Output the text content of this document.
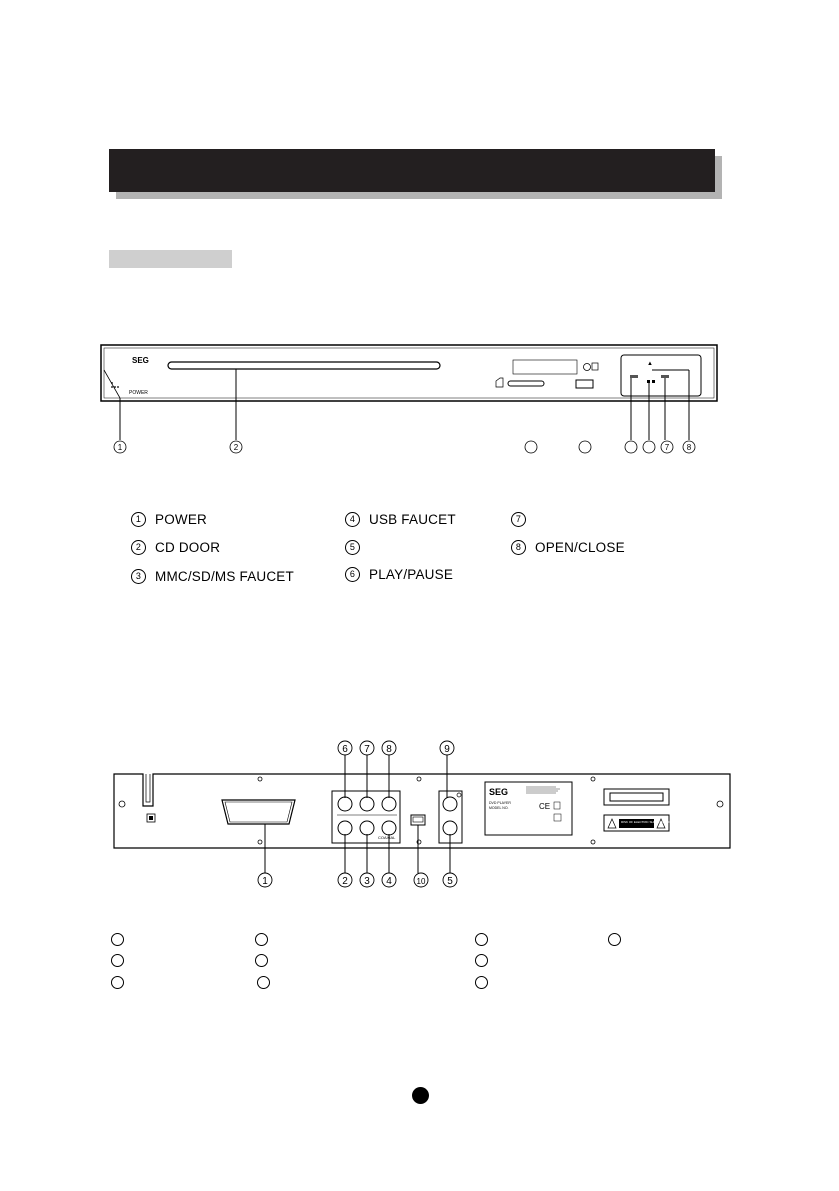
SEG
POWER
▲
1	2	7 8
1	POWER
2	CD DOOR
3	MMC/SD/MS FAUCET
4	USB FAUCET
5
6	PLAY/PAUSE
7
8	OPEN/CLOSE
COAXIAL
SEG
DVD PLAYER
MODEL NO.	CE
RISK OF ELECTRIC SHOCK DO NOT OPEN
6 7 8	9
1	2 3 4	10 5
